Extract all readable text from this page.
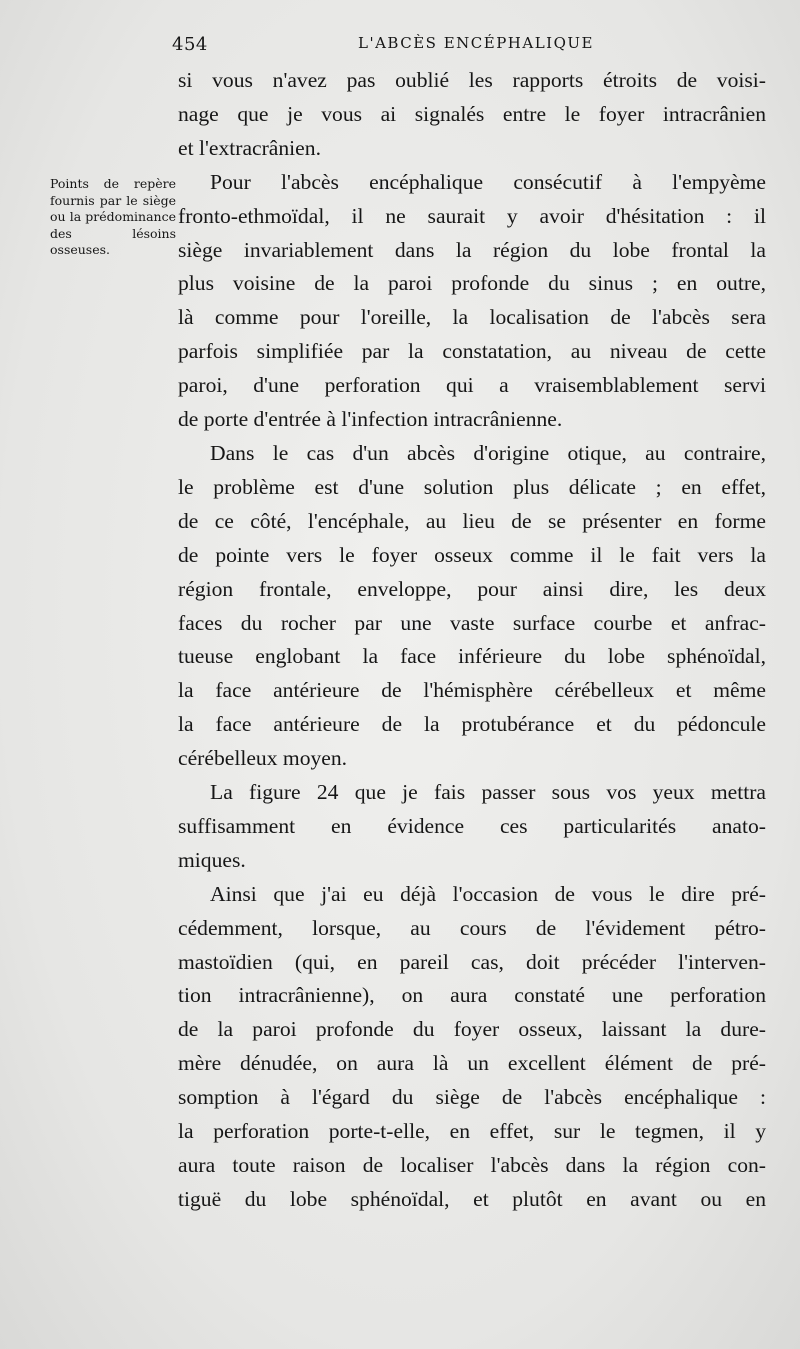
454	L'ABCÈS ENCÉPHALIQUE
Points de repère fournis par le siège ou la prédominance des lésoins osseuses.
si vous n'avez pas oublié les rapports étroits de voisi-
nage que je vous ai signalés entre le foyer intracrânien
et l'extracrânien.
Pour l'abcès encéphalique consécutif à l'empyème
fronto-ethmoïdal, il ne saurait y avoir d'hésitation : il
siège invariablement dans la région du lobe frontal la
plus voisine de la paroi profonde du sinus ; en outre,
là comme pour l'oreille, la localisation de l'abcès sera
parfois simplifiée par la constatation, au niveau de cette
paroi, d'une perforation qui a vraisemblablement servi
de porte d'entrée à l'infection intracrânienne.
Dans le cas d'un abcès d'origine otique, au contraire,
le problème est d'une solution plus délicate ; en effet,
de ce côté, l'encéphale, au lieu de se présenter en forme
de pointe vers le foyer osseux comme il le fait vers la
région frontale, enveloppe, pour ainsi dire, les deux
faces du rocher par une vaste surface courbe et anfrac-
tueuse englobant la face inférieure du lobe sphénoïdal,
la face antérieure de l'hémisphère cérébelleux et même
la face antérieure de la protubérance et du pédoncule
cérébelleux moyen.
La figure 24 que je fais passer sous vos yeux mettra
suffisamment en évidence ces particularités anato-
miques.
Ainsi que j'ai eu déjà l'occasion de vous le dire pré-
cédemment, lorsque, au cours de l'évidement pétro-
mastoïdien (qui, en pareil cas, doit précéder l'interven-
tion intracrânienne), on aura constaté une perforation
de la paroi profonde du foyer osseux, laissant la dure-
mère dénudée, on aura là un excellent élément de pré-
somption à l'égard du siège de l'abcès encéphalique :
la perforation porte-t-elle, en effet, sur le tegmen, il y
aura toute raison de localiser l'abcès dans la région con-
tiguë du lobe sphénoïdal, et plutôt en avant ou en
